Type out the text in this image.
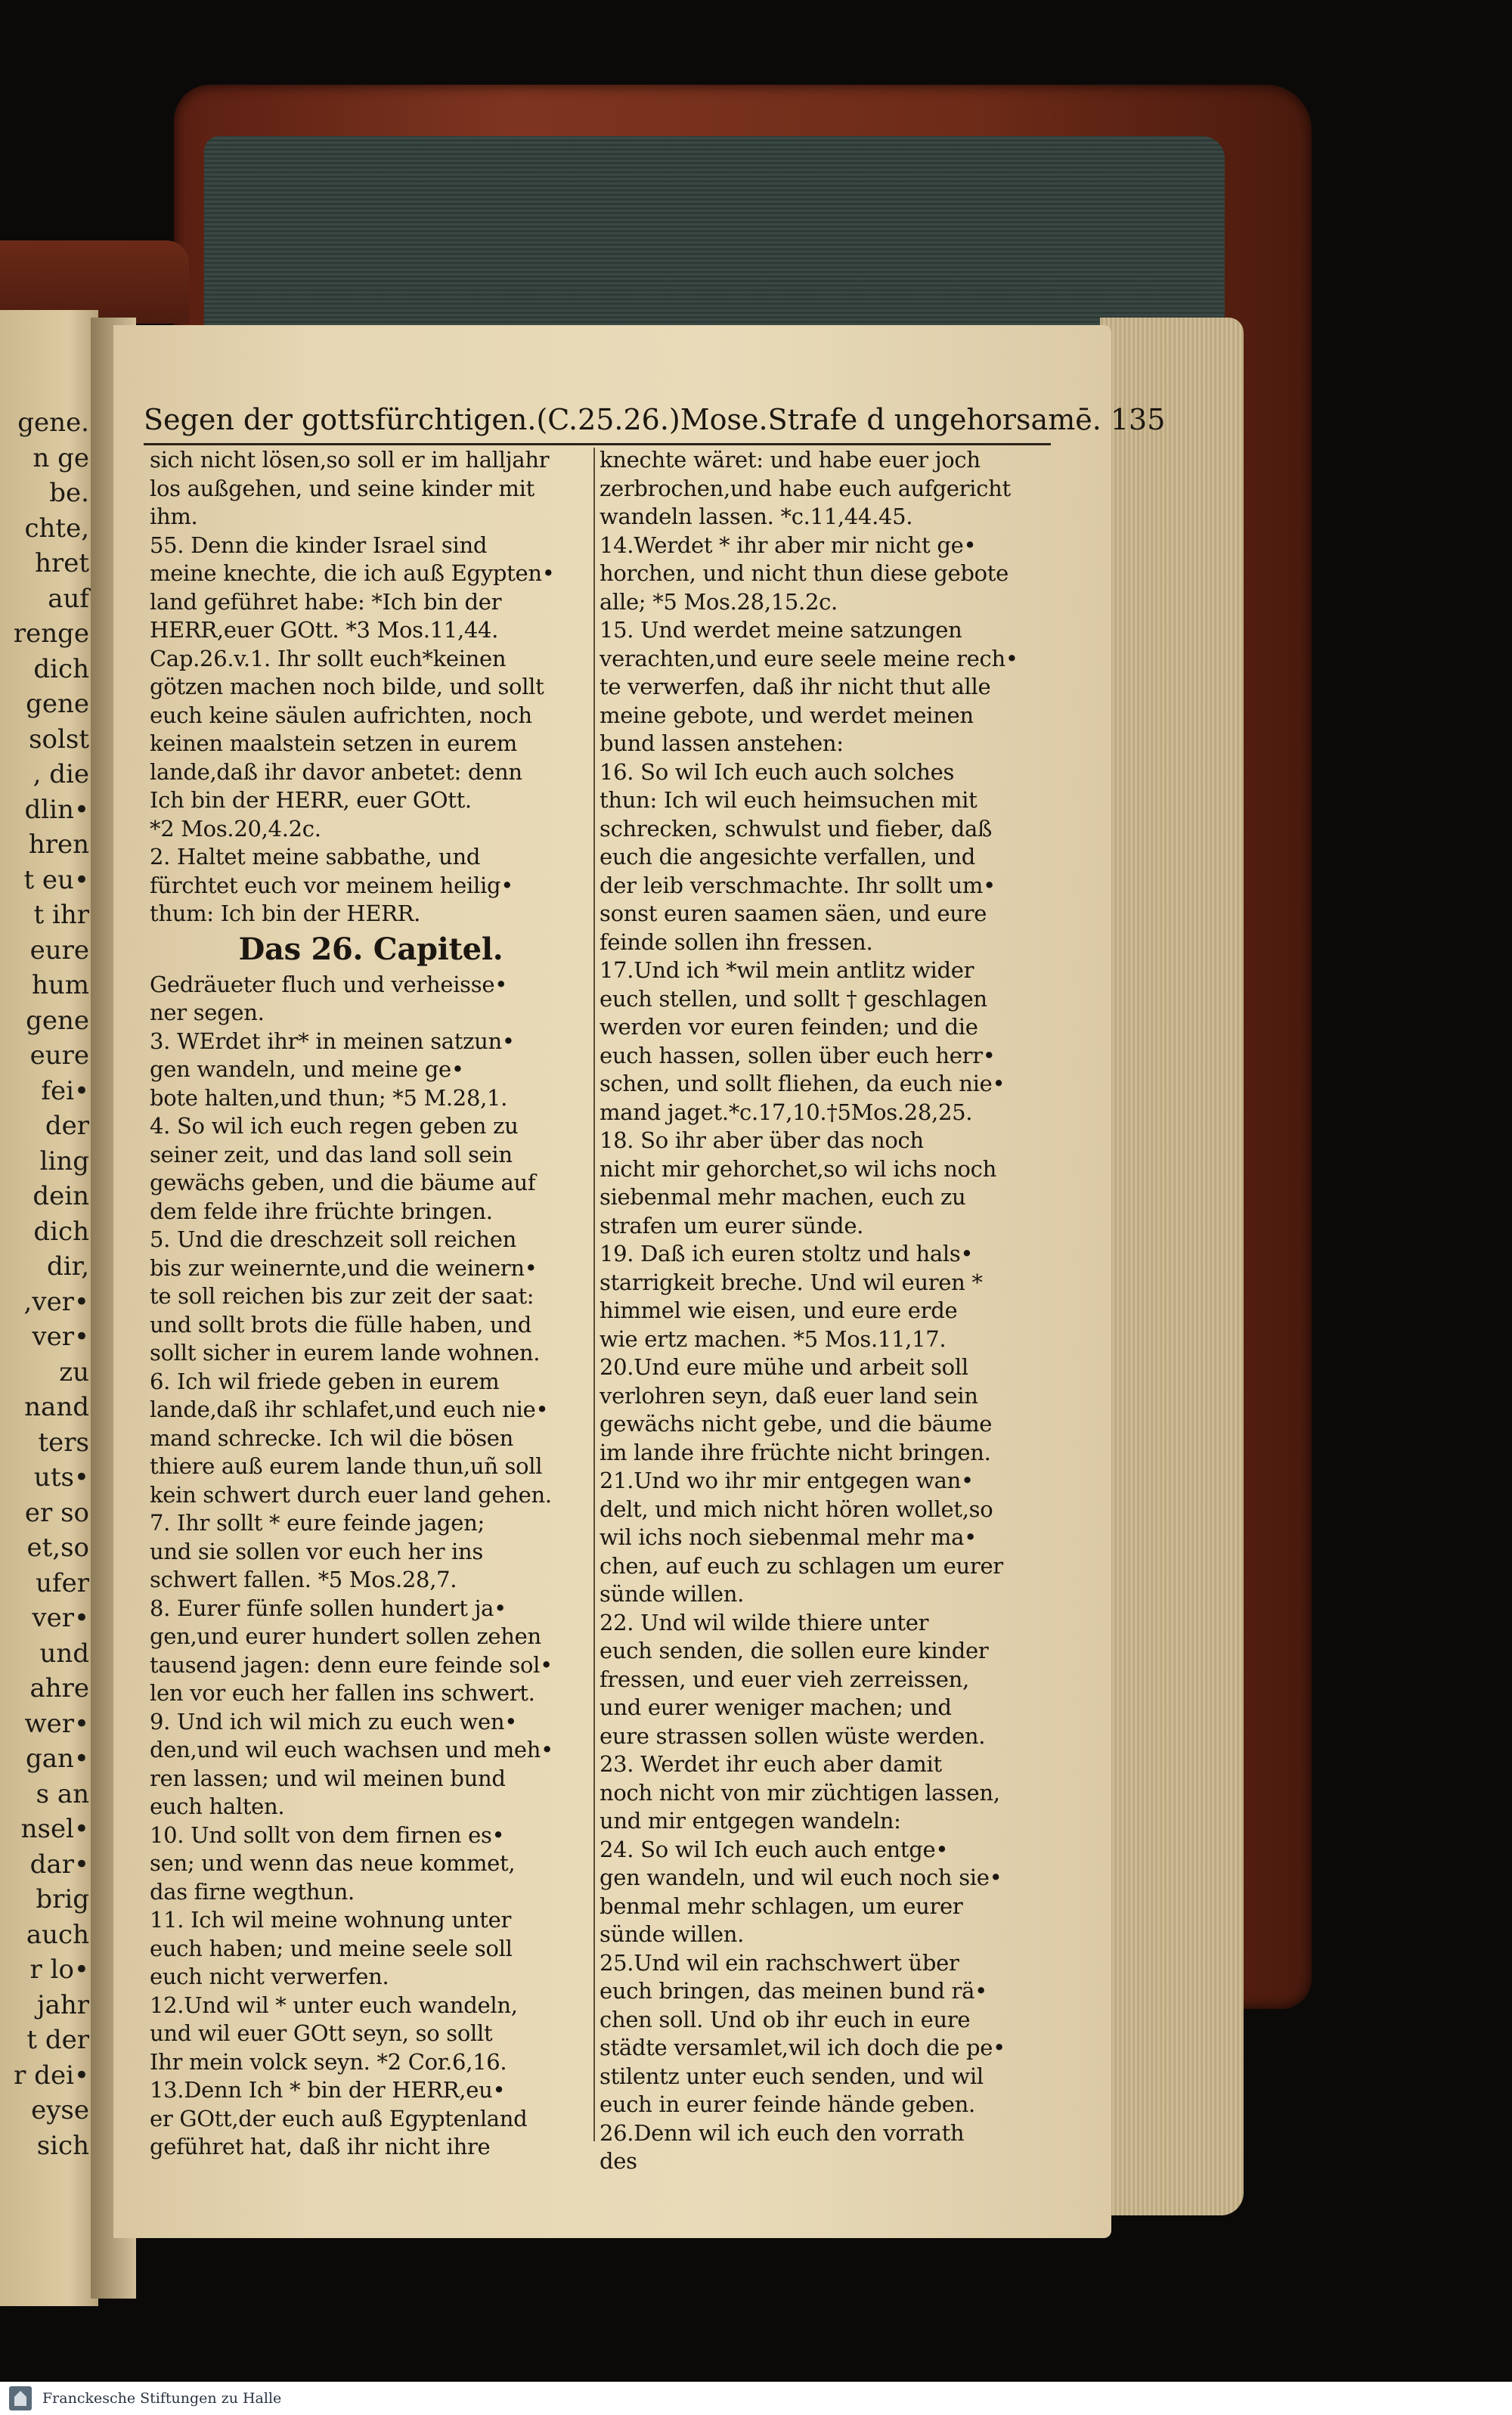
gene.
n ge
be.
chte,
hret
auf
renge
dich
gene
solst
, die
dlin•
hren
t eu•
t ihr
eure
hum
gene
eure
fei•
der
ling
dein
dich
dir,
,ver•
ver•
zu
nand
ters
uts•
er so
et,so
ufer
ver•
und
ahre
wer•
gan•
s an
nsel•
dar•
brig
auch
r lo•
jahr
t der
r dei•
eyse
sich
Segen der gottsfürchtigen.(C.25.26.)Mose. Strafe d ungehorsamē. 135
sich nicht lösen,so soll er im halljahr
los außgehen, und seine kinder mit
ihm.
55. Denn die kinder Israel sind
meine knechte, die ich auß Egypten•
land geführet habe: *Ich bin der
HERR,euer GOtt. *3 Mos.11,44.
Cap.26.v.1. Ihr sollt euch*keinen
götzen machen noch bilde, und sollt
euch keine säulen aufrichten, noch
keinen maalstein setzen in eurem
lande,daß ihr davor anbetet: denn
Ich bin der HERR, euer GOtt.
*2 Mos.20,4.2c.
2. Haltet meine sabbathe, und
fürchtet euch vor meinem heilig•
thum: Ich bin der HERR.
Das 26. Capitel.
Gedräueter fluch und verheisse•
ner segen.
3. WErdet ihr* in meinen satzun•
gen wandeln, und meine ge•
bote halten,und thun; *5 M.28,1.
4. So wil ich euch regen geben zu
seiner zeit, und das land soll sein
gewächs geben, und die bäume auf
dem felde ihre früchte bringen.
5. Und die dreschzeit soll reichen
bis zur weinernte,und die weinern•
te soll reichen bis zur zeit der saat:
und sollt brots die fülle haben, und
sollt sicher in eurem lande wohnen.
6. Ich wil friede geben in eurem
lande,daß ihr schlafet,und euch nie•
mand schrecke. Ich wil die bösen
thiere auß eurem lande thun,uñ soll
kein schwert durch euer land gehen.
7. Ihr sollt * eure feinde jagen;
und sie sollen vor euch her ins
schwert fallen. *5 Mos.28,7.
8. Eurer fünfe sollen hundert ja•
gen,und eurer hundert sollen zehen
tausend jagen: denn eure feinde sol•
len vor euch her fallen ins schwert.
9. Und ich wil mich zu euch wen•
den,und wil euch wachsen und meh•
ren lassen; und wil meinen bund
euch halten.
10. Und sollt von dem firnen es•
sen; und wenn das neue kommet,
das firne wegthun.
11. Ich wil meine wohnung unter
euch haben; und meine seele soll
euch nicht verwerfen.
12.Und wil * unter euch wandeln,
und wil euer GOtt seyn, so sollt
Ihr mein volck seyn. *2 Cor.6,16.
13.Denn Ich * bin der HERR,eu•
er GOtt,der euch auß Egyptenland
geführet hat, daß ihr nicht ihre
knechte wäret: und habe euer joch
zerbrochen,und habe euch aufgericht
wandeln lassen. *c.11,44.45.
14.Werdet * ihr aber mir nicht ge•
horchen, und nicht thun diese gebote
alle; *5 Mos.28,15.2c.
15. Und werdet meine satzungen
verachten,und eure seele meine rech•
te verwerfen, daß ihr nicht thut alle
meine gebote, und werdet meinen
bund lassen anstehen:
16. So wil Ich euch auch solches
thun: Ich wil euch heimsuchen mit
schrecken, schwulst und fieber, daß
euch die angesichte verfallen, und
der leib verschmachte. Ihr sollt um•
sonst euren saamen säen, und eure
feinde sollen ihn fressen.
17.Und ich *wil mein antlitz wider
euch stellen, und sollt † geschlagen
werden vor euren feinden; und die
euch hassen, sollen über euch herr•
schen, und sollt fliehen, da euch nie•
mand jaget.*c.17,10.†5Mos.28,25.
18. So ihr aber über das noch
nicht mir gehorchet,so wil ichs noch
siebenmal mehr machen, euch zu
strafen um eurer sünde.
19. Daß ich euren stoltz und hals•
starrigkeit breche. Und wil euren *
himmel wie eisen, und eure erde
wie ertz machen. *5 Mos.11,17.
20.Und eure mühe und arbeit soll
verlohren seyn, daß euer land sein
gewächs nicht gebe, und die bäume
im lande ihre früchte nicht bringen.
21.Und wo ihr mir entgegen wan•
delt, und mich nicht hören wollet,so
wil ichs noch siebenmal mehr ma•
chen, auf euch zu schlagen um eurer
sünde willen.
22. Und wil wilde thiere unter
euch senden, die sollen eure kinder
fressen, und euer vieh zerreissen,
und eurer weniger machen; und
eure strassen sollen wüste werden.
23. Werdet ihr euch aber damit
noch nicht von mir züchtigen lassen,
und mir entgegen wandeln:
24. So wil Ich euch auch entge•
gen wandeln, und wil euch noch sie•
benmal mehr schlagen, um eurer
sünde willen.
25.Und wil ein rachschwert über
euch bringen, das meinen bund rä•
chen soll. Und ob ihr euch in eure
städte versamlet,wil ich doch die pe•
stilentz unter euch senden, und wil
euch in eurer feinde hände geben.
26.Denn wil ich euch den vorrath
des
Franckesche Stiftungen zu Halle
